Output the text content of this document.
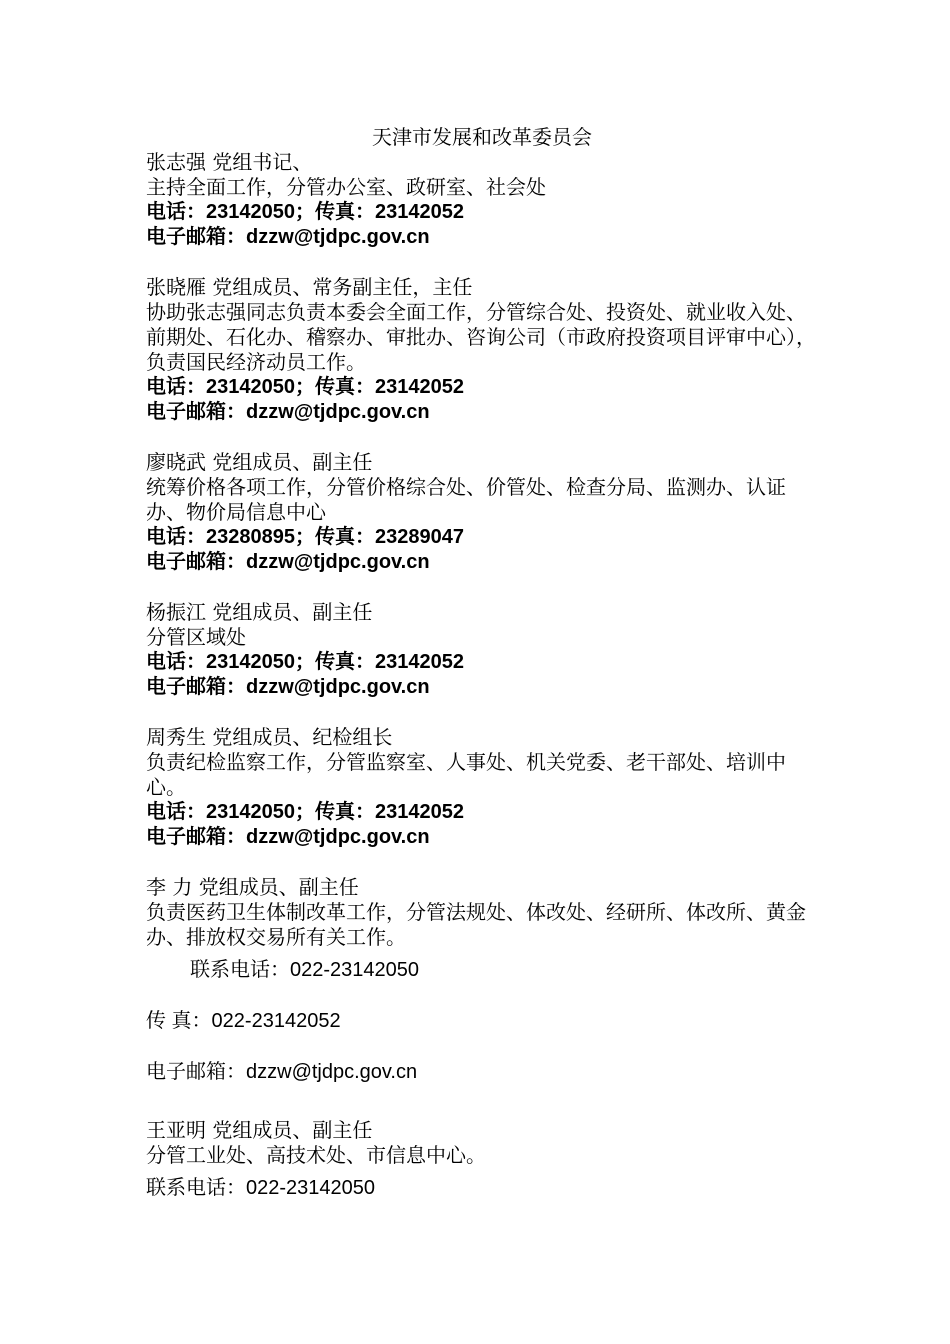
天津市发展和改革委员会
张志强 党组书记、
主持全面工作，分管办公室、政研室、社会处
电话：23142050；传真：23142052
电子邮箱：dzzw@tjdpc.gov.cn
张晓雁 党组成员、常务副主任，主任
协助张志强同志负责本委会全面工作，分管综合处、投资处、就业收入处、前期处、石化办、稽察办、审批办、咨询公司（市政府投资项目评审中心），负责国民经济动员工作。
电话：23142050；传真：23142052
电子邮箱：dzzw@tjdpc.gov.cn
廖晓武 党组成员、副主任
统筹价格各项工作，分管价格综合处、价管处、检查分局、监测办、认证办、物价局信息中心
电话：23280895；传真：23289047
电子邮箱：dzzw@tjdpc.gov.cn
杨振江 党组成员、副主任
分管区域处
电话：23142050；传真：23142052
电子邮箱：dzzw@tjdpc.gov.cn
周秀生 党组成员、纪检组长
负责纪检监察工作，分管监察室、人事处、机关党委、老干部处、培训中心。
电话：23142050；传真：23142052
电子邮箱：dzzw@tjdpc.gov.cn
李 力 党组成员、副主任
负责医药卫生体制改革工作，分管法规处、体改处、经研所、体改所、黄金办、排放权交易所有关工作。
联系电话：022-23142050
传 真：022-23142052
电子邮箱：dzzw@tjdpc.gov.cn
王亚明 党组成员、副主任
分管工业处、高技术处、市信息中心。
联系电话：022-23142050
